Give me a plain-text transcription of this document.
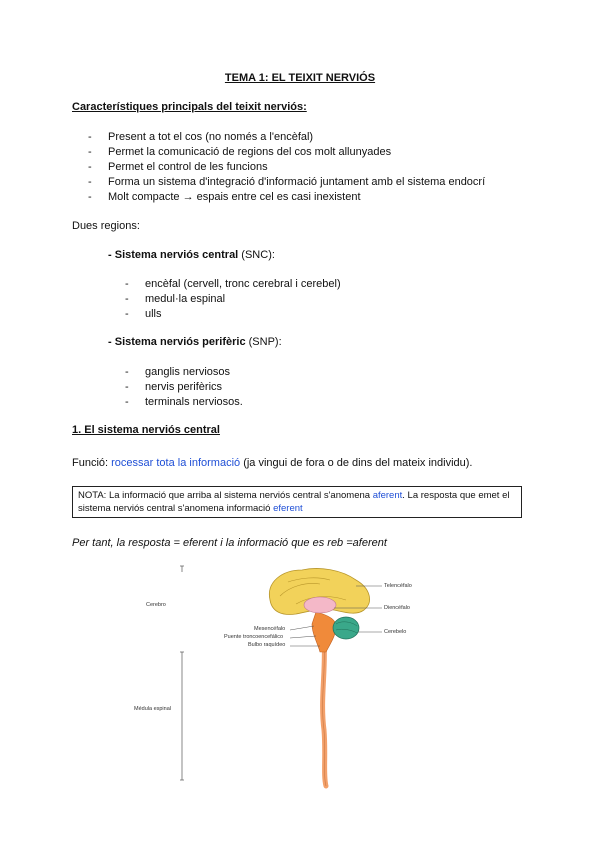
TEMA 1: EL TEIXIT NERVIÓS
Característiques principals del teixit nerviós:
- Present a tot el cos (no només a l'encèfal)
- Permet la comunicació de regions del cos molt allunyades
- Permet el control de les funcions
- Forma un sistema d'integració d'informació juntament amb el sistema endocrí
- Molt compacte → espais entre cel es casi inexistent
Dues regions:
- Sistema nerviós central (SNC):
- encèfal (cervell, tronc cerebral i cerebel)
- medul·la espinal
- ulls
- Sistema nerviós perifèric (SNP):
- ganglis nerviosos
- nervis perifèrics
- terminals nerviosos.
1. El sistema nerviós central
Funció: rocessar tota la informació (ja vingui de fora o de dins del mateix individu).
NOTA: La informació que arriba al sistema nerviós central s'anomena aferent. La resposta que emet el sistema nerviós central s'anomena informació eferent
Per tant, la resposta = eferent i la informació que es reb =aferent
Cerebro
Médula espinal
Telencéfalo
Diencéfalo
Cerebelo
Mesencéfalo
Puente troncoencefálico
Bulbo raquídeo
